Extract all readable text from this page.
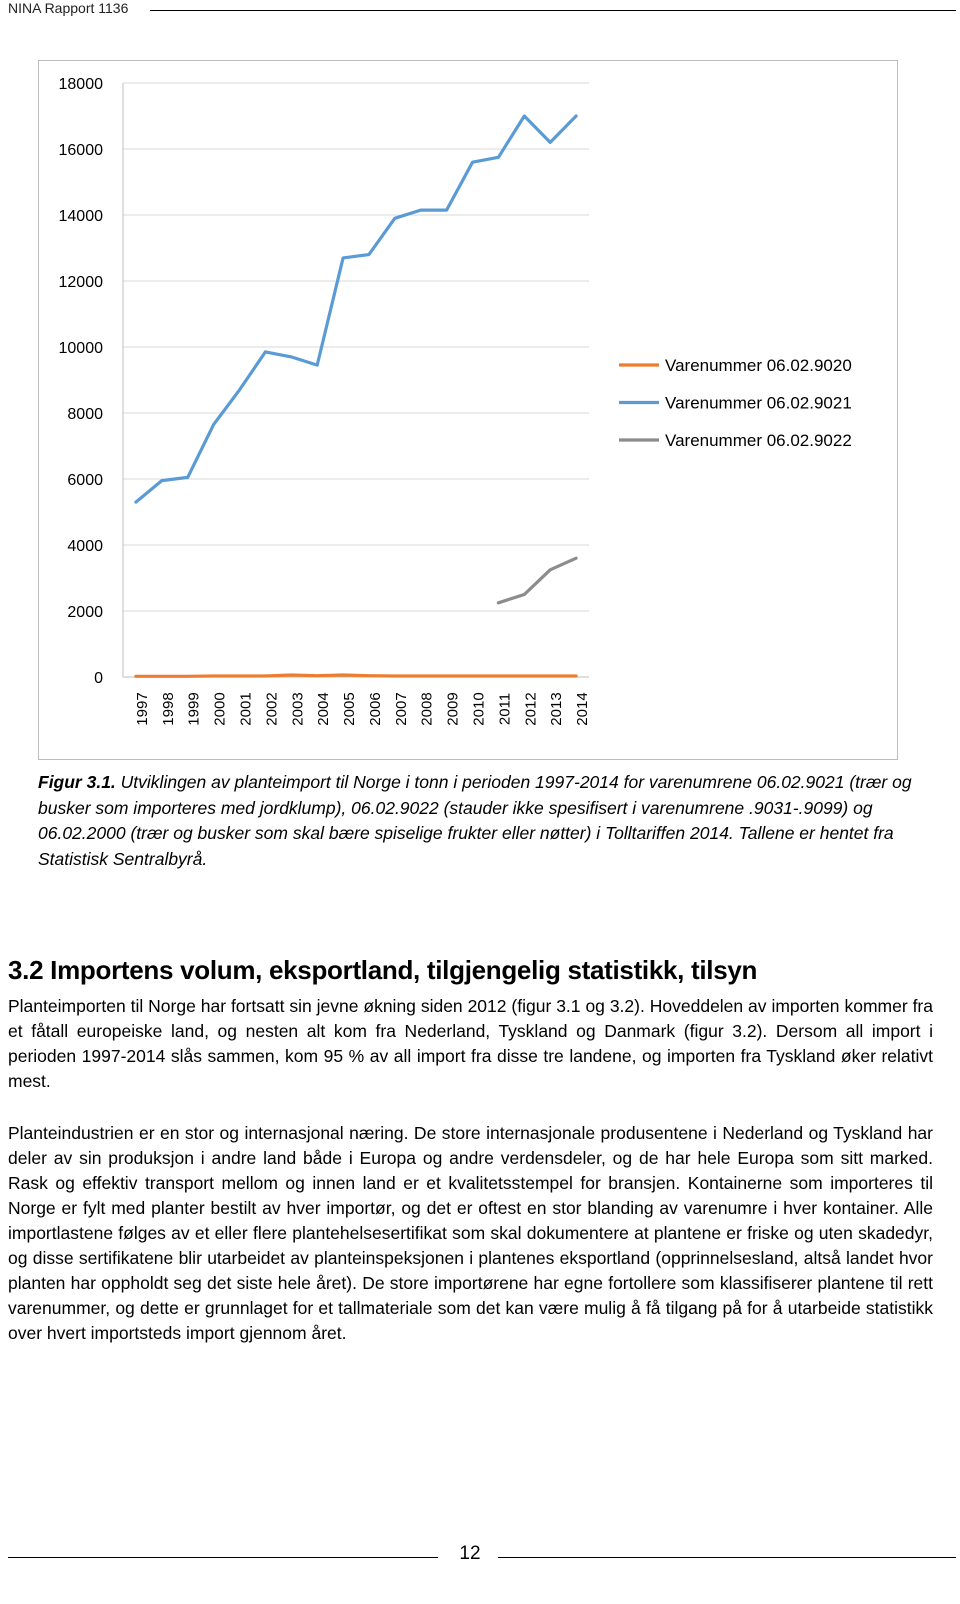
NINA Rapport 1136
0
2000
4000
6000
8000
10000
12000
14000
16000
18000
1997 1998 1999 2000 2001 2002 2003 2004 2005 2006 2007 2008 2009 2010 2011 2012 2013 2014
Varenummer 06.02.9020
Varenummer 06.02.9021
Varenummer 06.02.9022
Figur 3.1. Utviklingen av planteimport til Norge i tonn i perioden 1997-2014 for varenumrene 06.02.9021 (trær og busker som importeres med jordklump), 06.02.9022 (stauder ikke spesifisert i varenumrene .9031-.9099) og 06.02.2000 (trær og busker som skal bære spiselige frukter eller nøtter) i Tolltariffen 2014. Tallene er hentet fra Statistisk Sentralbyrå.
3.2 Importens volum, eksportland, tilgjengelig statistikk, tilsyn
Planteimporten til Norge har fortsatt sin jevne økning siden 2012 (figur 3.1 og 3.2). Hoveddelen av importen kommer fra et fåtall europeiske land, og nesten alt kom fra Nederland, Tyskland og Danmark (figur 3.2). Dersom all import i perioden 1997-2014 slås sammen, kom 95 % av all import fra disse tre landene, og importen fra Tyskland øker relativt mest.
Planteindustrien er en stor og internasjonal næring. De store internasjonale produsentene i Nederland og Tyskland har deler av sin produksjon i andre land både i Europa og andre verdensdeler, og de har hele Europa som sitt marked. Rask og effektiv transport mellom og innen land er et kvalitetsstempel for bransjen. Kontainerne som importeres til Norge er fylt med planter bestilt av hver importør, og det er oftest en stor blanding av varenumre i hver kontainer. Alle importlastene følges av et eller flere plantehelsesertifikat som skal dokumentere at plantene er friske og uten skadedyr, og disse sertifikatene blir utarbeidet av planteinspeksjonen i plantenes eksportland (opprinnelsesland, altså landet hvor planten har oppholdt seg det siste hele året). De store importørene har egne fortollere som klassifiserer plantene til rett varenummer, og dette er grunnlaget for et tallmateriale som det kan være mulig å få tilgang på for å utarbeide statistikk over hvert importsteds import gjennom året.
12
